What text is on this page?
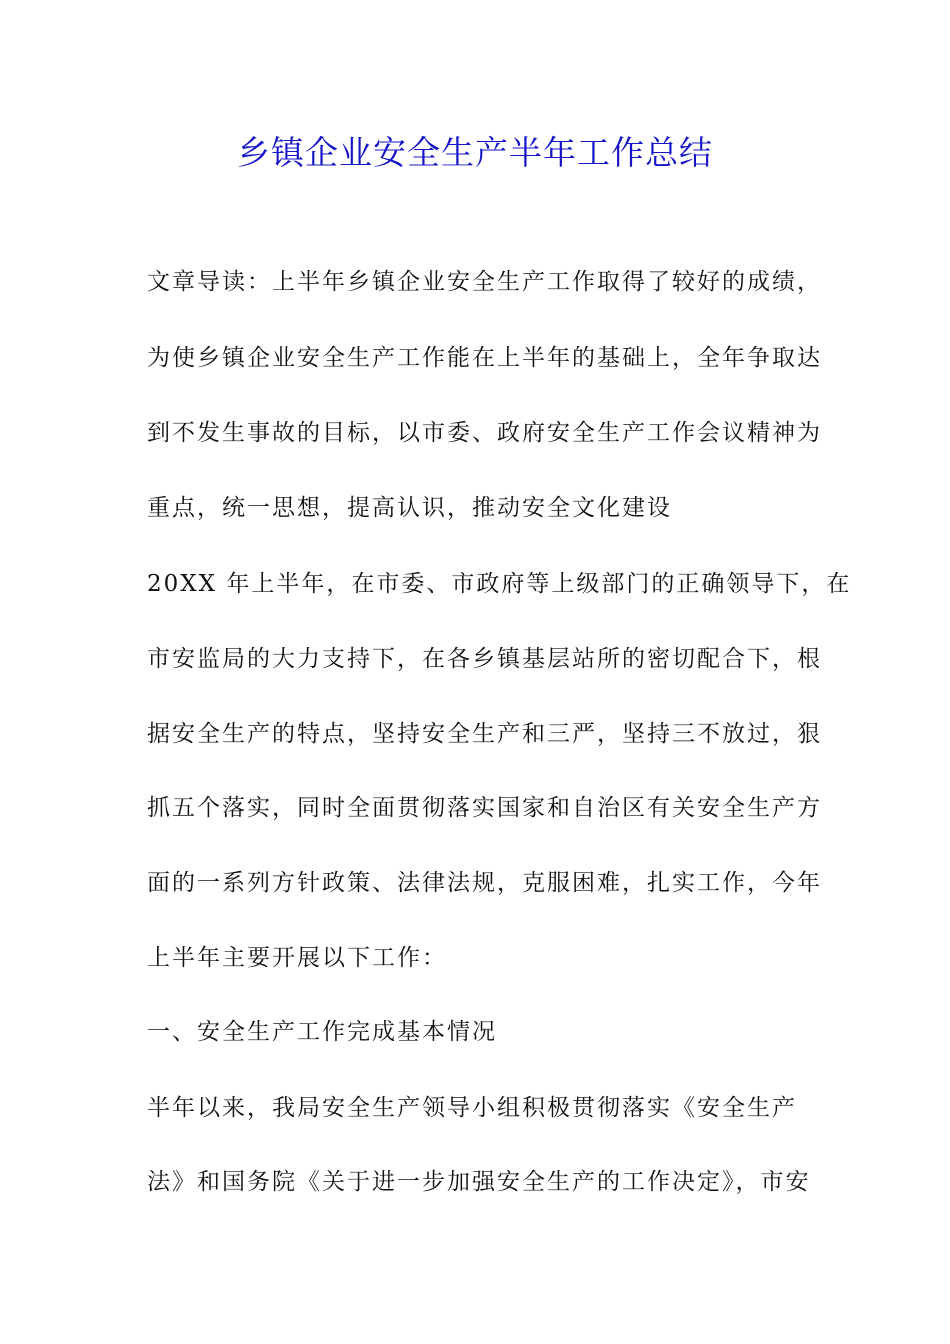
乡镇企业安全生产半年工作总结

文章导读：上半年乡镇企业安全生产工作取得了较好的成绩，

为使乡镇企业安全生产工作能在上半年的基础上，全年争取达

到不发生事故的目标，以市委、政府安全生产工作会议精神为

重点，统一思想，提高认识，推动安全文化建设

20XX 年上半年，在市委、市政府等上级部门的正确领导下，在

市安监局的大力支持下，在各乡镇基层站所的密切配合下，根

据安全生产的特点，坚持安全生产和三严，坚持三不放过，狠

抓五个落实，同时全面贯彻落实国家和自治区有关安全生产方

面的一系列方针政策、法律法规，克服困难，扎实工作，今年

上半年主要开展以下工作：

一、安全生产工作完成基本情况

半年以来，我局安全生产领导小组积极贯彻落实《安全生产

法》和国务院《关于进一步加强安全生产的工作决定》，市安
